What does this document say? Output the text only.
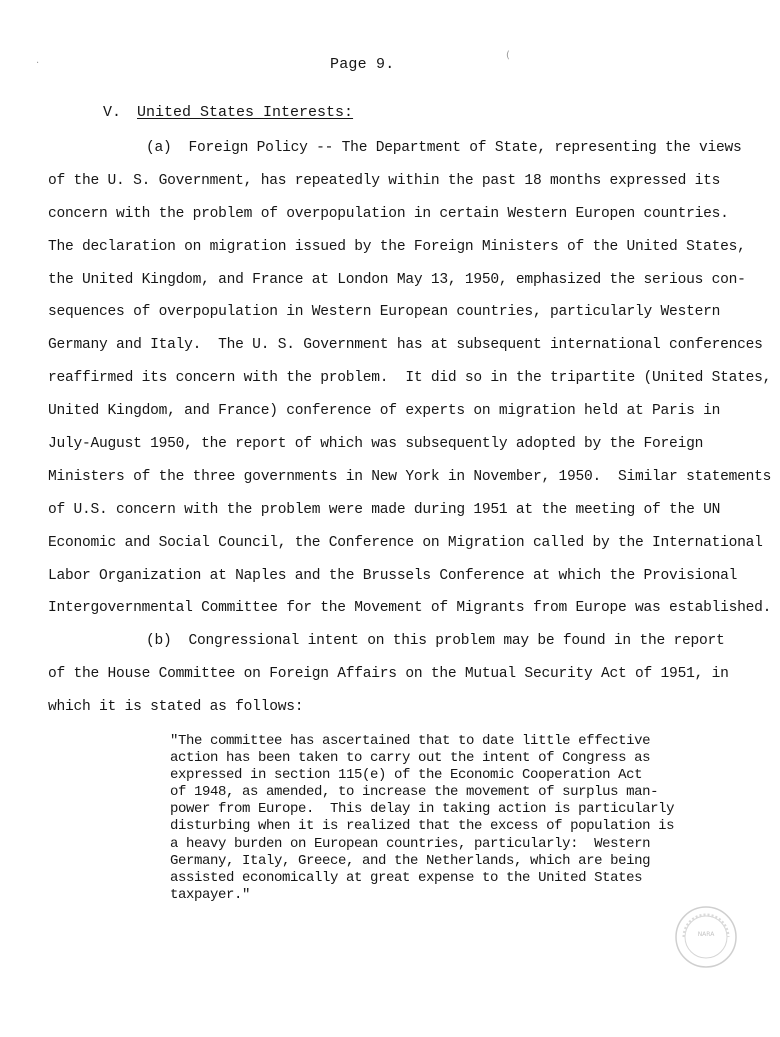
·
(
Page 9.
V. United States Interests:
(a)  Foreign Policy -- The Department of State, representing the views
of the U. S. Government, has repeatedly within the past 18 months expressed its
concern with the problem of overpopulation in certain Western Europen countries.
The declaration on migration issued by the Foreign Ministers of the United States,
the United Kingdom, and France at London May 13, 1950, emphasized the serious con-
sequences of overpopulation in Western European countries, particularly Western
Germany and Italy.  The U. S. Government has at subsequent international conferences
reaffirmed its concern with the problem.  It did so in the tripartite (United States,
United Kingdom, and France) conference of experts on migration held at Paris in
July-August 1950, the report of which was subsequently adopted by the Foreign
Ministers of the three governments in New York in November, 1950.  Similar statements
of U.S. concern with the problem were made during 1951 at the meeting of the UN
Economic and Social Council, the Conference on Migration called by the International
Labor Organization at Naples and the Brussels Conference at which the Provisional
Intergovernmental Committee for the Movement of Migrants from Europe was established.
(b)  Congressional intent on this problem may be found in the report
of the House Committee on Foreign Affairs on the Mutual Security Act of 1951, in
which it is stated as follows:
"The committee has ascertained that to date little effective
action has been taken to carry out the intent of Congress as
expressed in section 115(e) of the Economic Cooperation Act
of 1948, as amended, to increase the movement of surplus man-
power from Europe.  This delay in taking action is particularly
disturbing when it is realized that the excess of population is
a heavy burden on European countries, particularly:  Western
Germany, Italy, Greece, and the Netherlands, which are being
assisted economically at great expense to the United States
taxpayer."
NARA
